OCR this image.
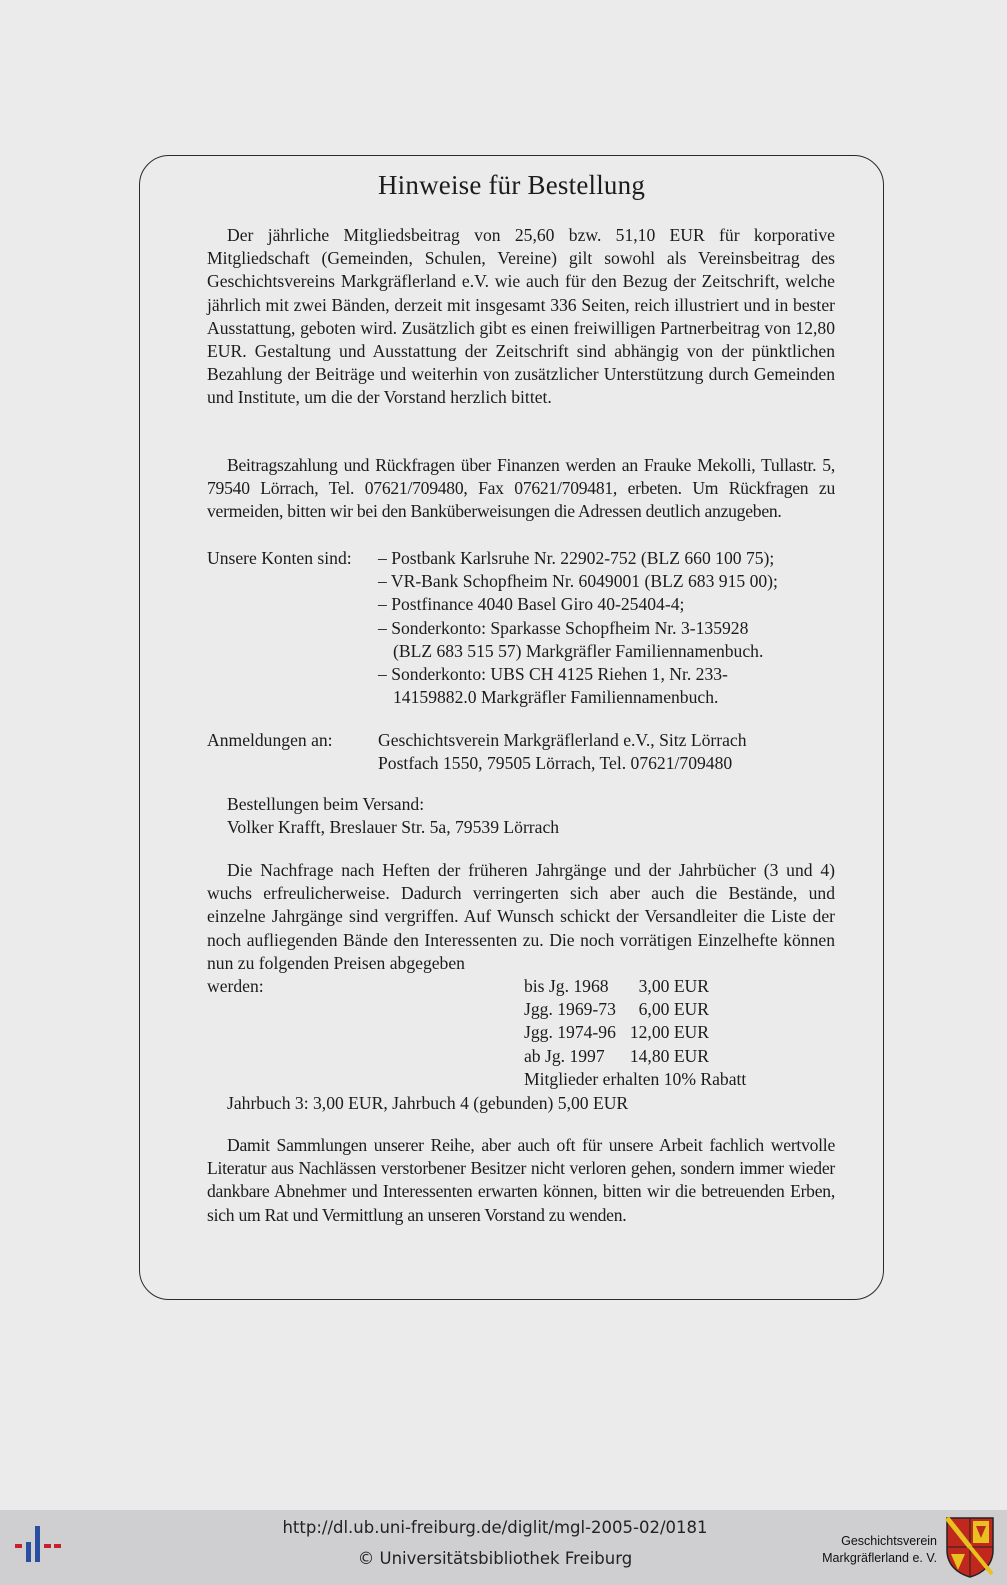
Hinweise für Bestellung

Der jährliche Mitgliedsbeitrag von 25,60 bzw. 51,10 EUR für korporative Mitgliedschaft (Gemeinden, Schulen, Vereine) gilt sowohl als Vereinsbeitrag des Geschichtsvereins Markgräflerland e.V. wie auch für den Bezug der Zeitschrift, welche jährlich mit zwei Bänden, derzeit mit insgesamt 336 Seiten, reich illustriert und in bester Ausstattung, geboten wird. Zusätzlich gibt es einen freiwilligen Partnerbeitrag von 12,80 EUR. Gestaltung und Ausstattung der Zeitschrift sind abhängig von der pünktlichen Bezahlung der Beiträge und weiterhin von zusätzlicher Unterstützung durch Gemeinden und Institute, um die der Vorstand herzlich bittet.

Beitragszahlung und Rückfragen über Finanzen werden an Frauke Mekolli, Tullastr. 5, 79540 Lörrach, Tel. 07621/709480, Fax 07621/709481, erbeten. Um Rückfragen zu vermeiden, bitten wir bei den Banküberweisungen die Adressen deutlich anzugeben.

Unsere Konten sind: – Postbank Karlsruhe Nr. 22902-752 (BLZ 660 100 75);
– VR-Bank Schopfheim Nr. 6049001 (BLZ 683 915 00);
– Postfinance 4040 Basel Giro 40-25404-4;
– Sonderkonto: Sparkasse Schopfheim Nr. 3-135928
(BLZ 683 515 57) Markgräfler Familiennamenbuch.
– Sonderkonto: UBS CH 4125 Riehen 1, Nr. 233-
14159882.0 Markgräfler Familiennamenbuch.
Anmeldungen an:	Geschichtsverein Markgräflerland e.V., Sitz Lörrach
Postfach 1550, 79505 Lörrach, Tel. 07621/709480
Bestellungen beim Versand:
Volker Krafft, Breslauer Str. 5a, 79539 Lörrach

Die Nachfrage nach Heften der früheren Jahrgänge und der Jahrbücher (3 und 4) wuchs erfreulicherweise. Dadurch verringerten sich aber auch die Bestände, und einzelne Jahrgänge sind vergriffen. Auf Wunsch schickt der Versandleiter die Liste der noch aufliegenden Bände den Interessenten zu. Die noch vorrätigen Einzelhefte können nun zu folgenden Preisen abgegeben

werden:	bis Jg. 1968	3,00 EUR
Jgg. 1969-73	6,00 EUR
Jgg. 1974-96 12,00 EUR
ab Jg. 1997	14,80 EUR
Mitglieder erhalten 10% Rabatt
Jahrbuch 3: 3,00 EUR, Jahrbuch 4 (gebunden) 5,00 EUR

Damit Sammlungen unserer Reihe, aber auch oft für unsere Arbeit fachlich wertvolle Literatur aus Nachlässen verstorbener Besitzer nicht verloren gehen, sondern immer wieder dankbare Abnehmer und Interessenten erwarten können, bitten wir die betreuenden Erben, sich um Rat und Vermittlung an unseren Vorstand zu wenden.

http://dl.ub.uni-freiburg.de/diglit/mgl-2005-02/0181
© Universitätsbibliothek Freiburg
Geschichtsverein
Markgräflerland e. V.
